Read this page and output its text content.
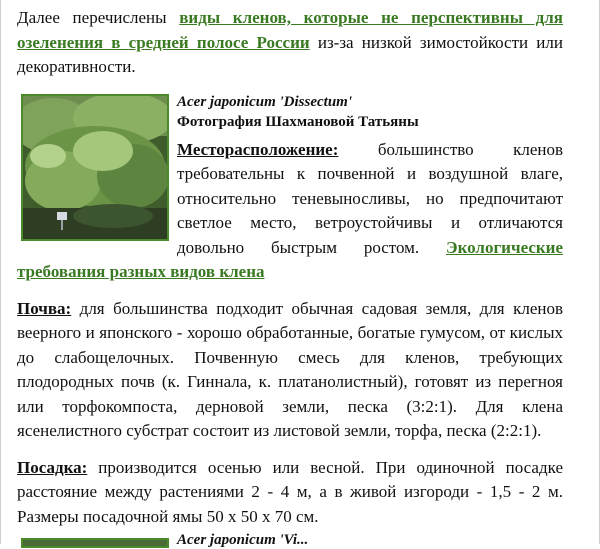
Далее перечислены виды кленов, которые не перспективны для озеленения в средней полосе России из-за низкой зимостойкости или декоративности.

Acer japonicum 'Dissectum'
Фотография Шахмановой Татьяны

Месторасположение: большинство кленов требовательны к почвенной и воздушной влаге, относительно теневыносливы, но предпочитают светлое место, ветроустойчивы и отличаются довольно быстрым ростом. Экологические требования разных видов клена

Почва: для большинства подходит обычная садовая земля, для кленов веерного и японского - хорошо обработанные, богатые гумусом, от кислых до слабощелочных. Почвенную смесь для кленов, требующих плодородных почв (к. Гиннала, к. платанолистный), готовят из перегноя или торфокомпоста, дерновой земли, песка (3:2:1). Для клена ясенелистного субстрат состоит из листовой земли, торфа, песка (2:2:1).

Посадка: производится осенью или весной. При одиночной посадке расстояние между растениями 2 - 4 м, а в живой изгороди - 1,5 - 2 м. Размеры посадочной ямы 50 х 50 х 70 см.

Acer japonicum 'Vi...
